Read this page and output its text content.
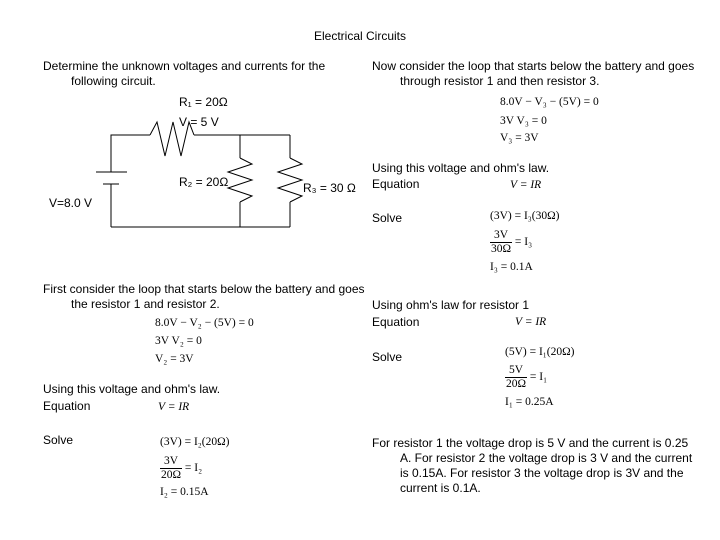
Electrical Circuits
Determine the unknown voltages and currents for the following circuit.
Now consider the loop that starts below the battery and goes through resistor 1 and then resistor 3.
R₁ = 20Ω
V = 5 V
R₂ = 20Ω	R₃ = 30 Ω
V=8.0 V
8.0V − V₃ − (5V) = 0
3V V₃ = 0
V₃ = 3V
Using this voltage and ohm's law.
Equation	V = IR
Solve	(3V) = I₃(30Ω)
$\frac{3V}{30\Omega} = I_3$
I₃ = 0.1A
First consider the loop that starts below the battery and goes the resistor 1 and resistor 2.
8.0V − V₂ − (5V) = 0
3V V₂ = 0
V₂ = 3V
Using ohm's law for resistor 1
Equation	V = IR
Solve	(5V) = I₁(20Ω)
$\frac{5V}{20\Omega} = I_1$
I₁ = 0.25A
Using this voltage and ohm's law.
Equation	V = IR
Solve	(3V) = I₂(20Ω)
$\frac{3V}{20\Omega} = I_2$
I₂ = 0.15A
For resistor 1 the voltage drop is 5 V and the current is 0.25 A. For resistor 2 the voltage drop is 3 V and the current is 0.15A. For resistor 3 the voltage drop is 3V and the current is 0.1A.
